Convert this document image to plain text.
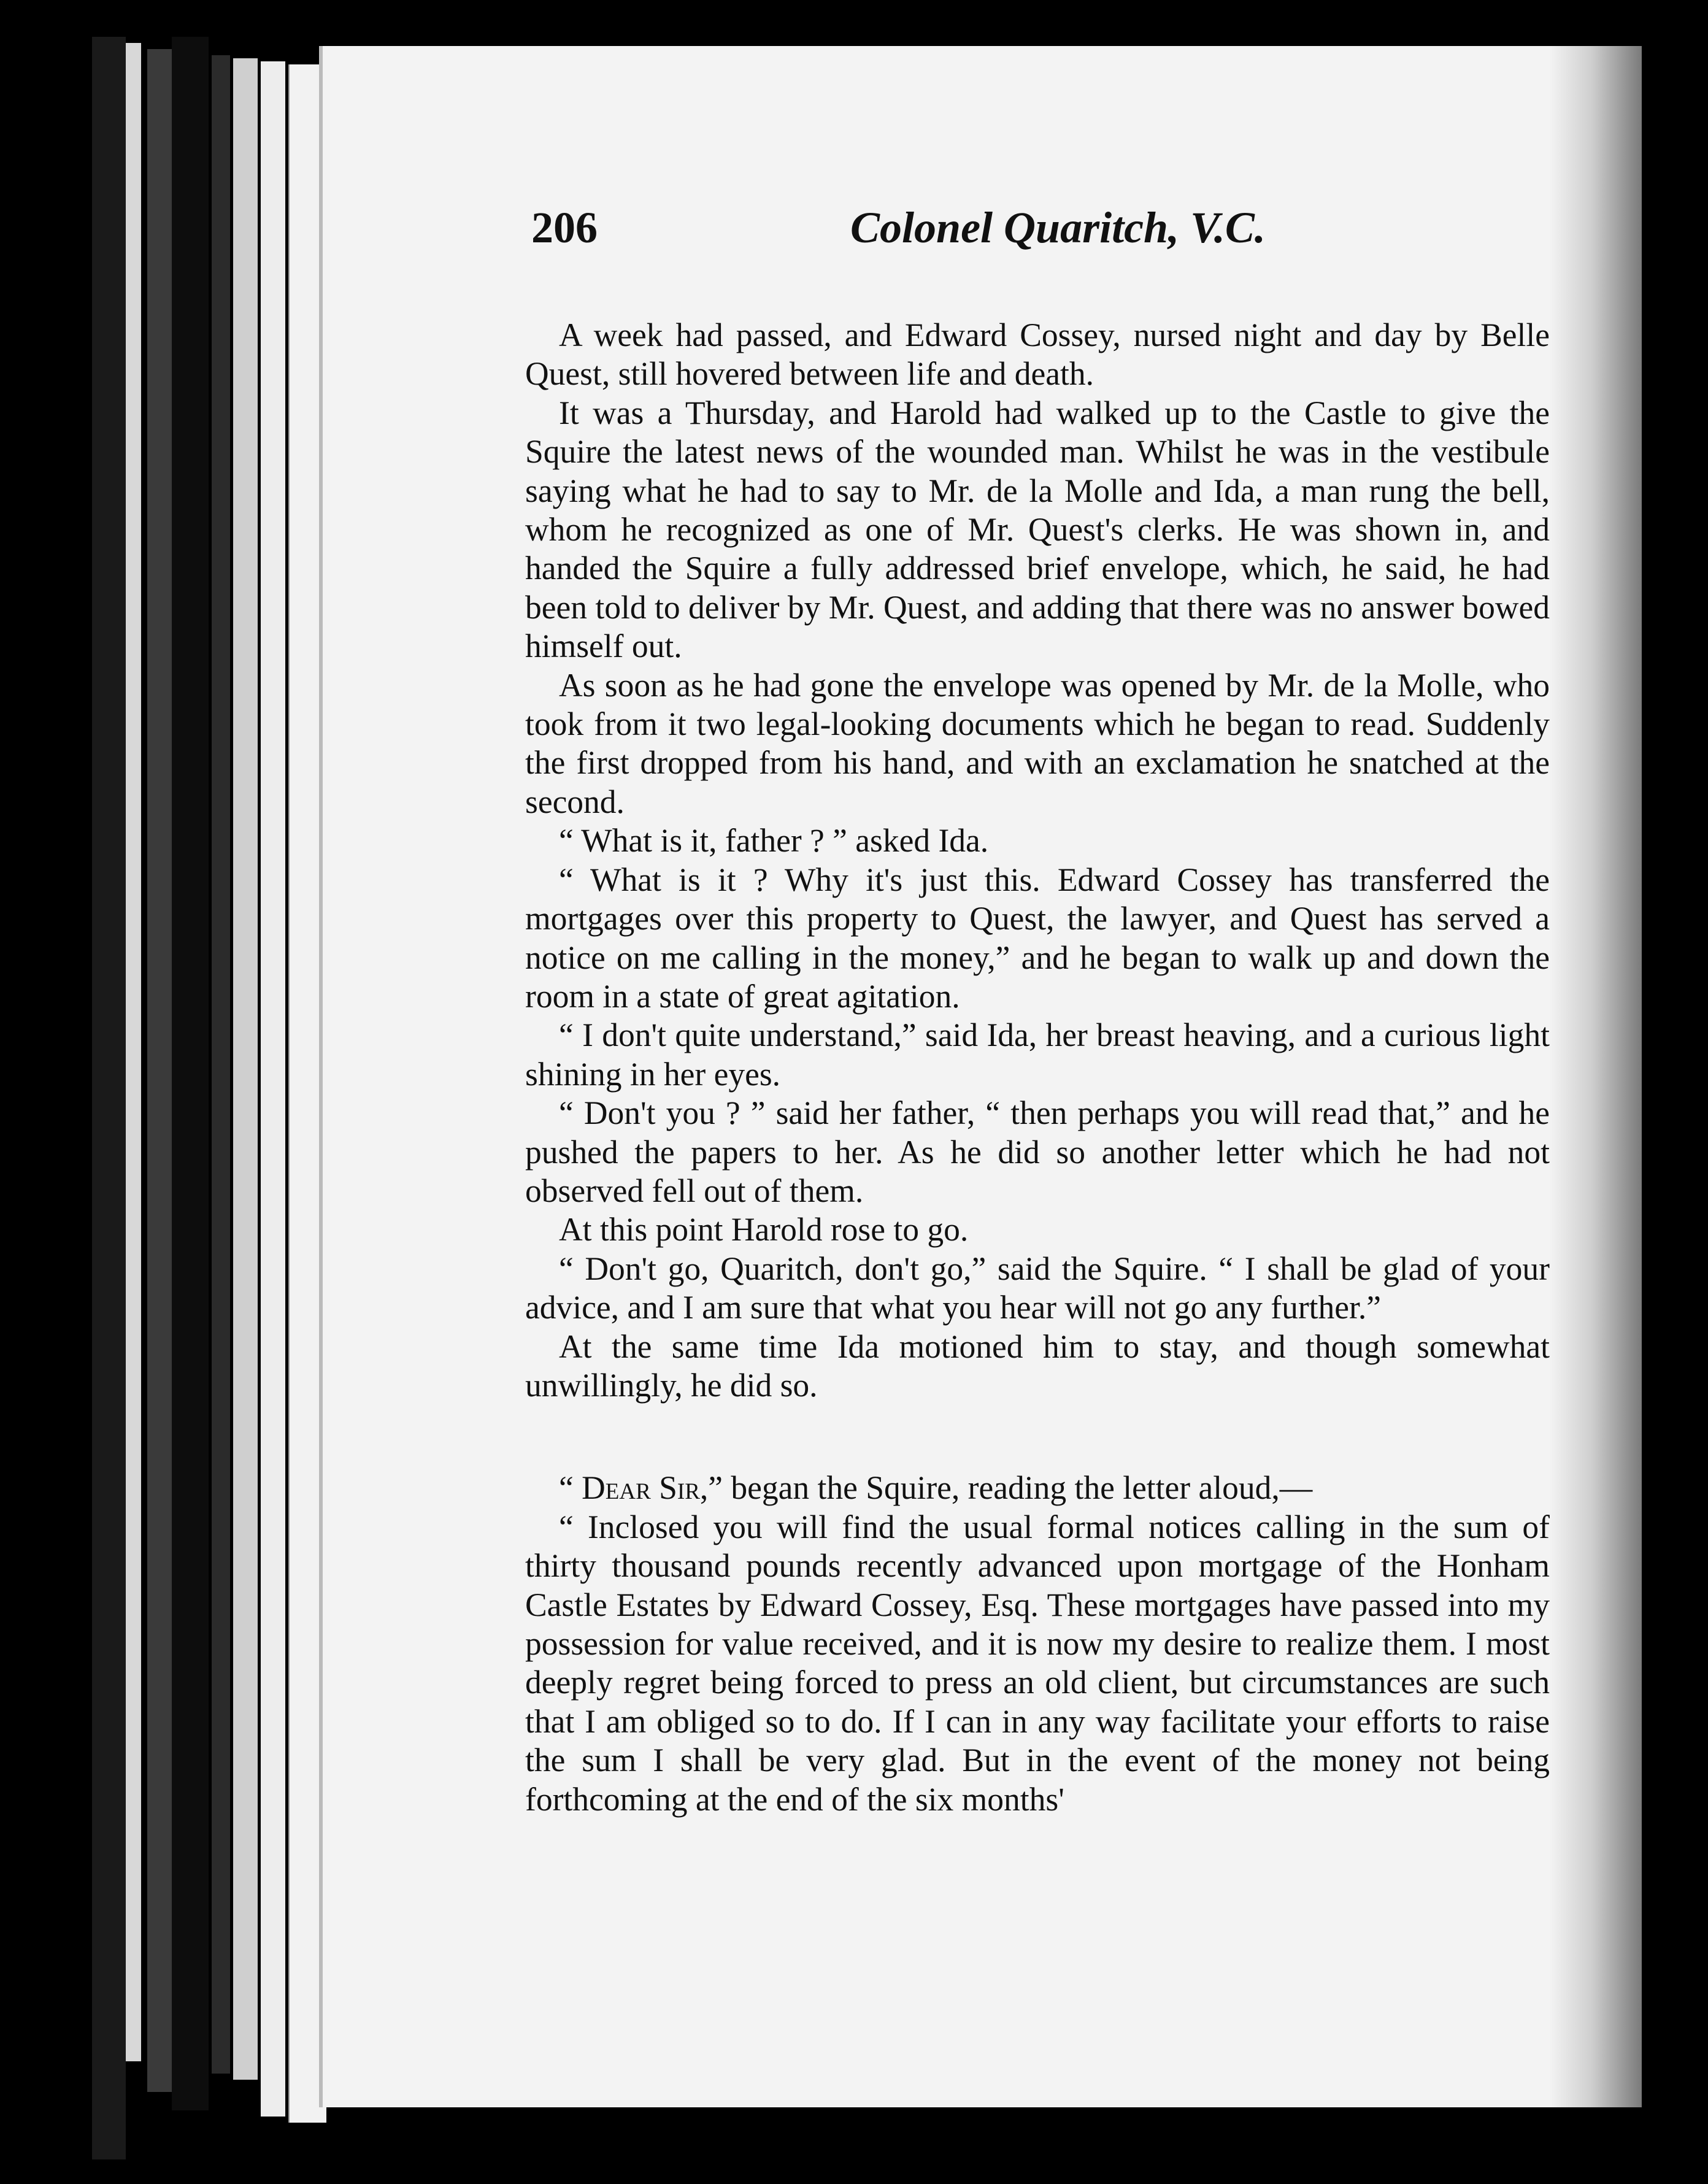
206	Colonel Quaritch, V.C.

A week had passed, and Edward Cossey, nursed night and day by Belle Quest, still hovered between life and death.

It was a Thursday, and Harold had walked up to the Castle to give the Squire the latest news of the wounded man. Whilst he was in the vestibule saying what he had to say to Mr. de la Molle and Ida, a man rung the bell, whom he recognized as one of Mr. Quest's clerks. He was shown in, and handed the Squire a fully addressed brief envelope, which, he said, he had been told to deliver by Mr. Quest, and adding that there was no answer bowed himself out.

As soon as he had gone the envelope was opened by Mr. de la Molle, who took from it two legal-looking documents which he began to read. Suddenly the first dropped from his hand, and with an exclamation he snatched at the second.

“ What is it, father ? ” asked Ida.

“ What is it ? Why it's just this. Edward Cossey has transferred the mortgages over this property to Quest, the lawyer, and Quest has served a notice on me calling in the money,” and he began to walk up and down the room in a state of great agitation.

“ I don't quite understand,” said Ida, her breast heaving, and a curious light shining in her eyes.

“ Don't you ? ” said her father, “ then perhaps you will read that,” and he pushed the papers to her. As he did so another letter which he had not observed fell out of them.

At this point Harold rose to go.

“ Don't go, Quaritch, don't go,” said the Squire. “ I shall be glad of your advice, and I am sure that what you hear will not go any further.”

At the same time Ida motioned him to stay, and though somewhat unwillingly, he did so.

“ Dear Sir,” began the Squire, reading the letter aloud,—

“ Inclosed you will find the usual formal notices calling in the sum of thirty thousand pounds recently advanced upon mortgage of the Honham Castle Estates by Edward Cossey, Esq. These mortgages have passed into my possession for value received, and it is now my desire to realize them. I most deeply regret being forced to press an old client, but circumstances are such that I am obliged so to do. If I can in any way facilitate your efforts to raise the sum I shall be very glad. But in the event of the money not being forthcoming at the end of the six months'
